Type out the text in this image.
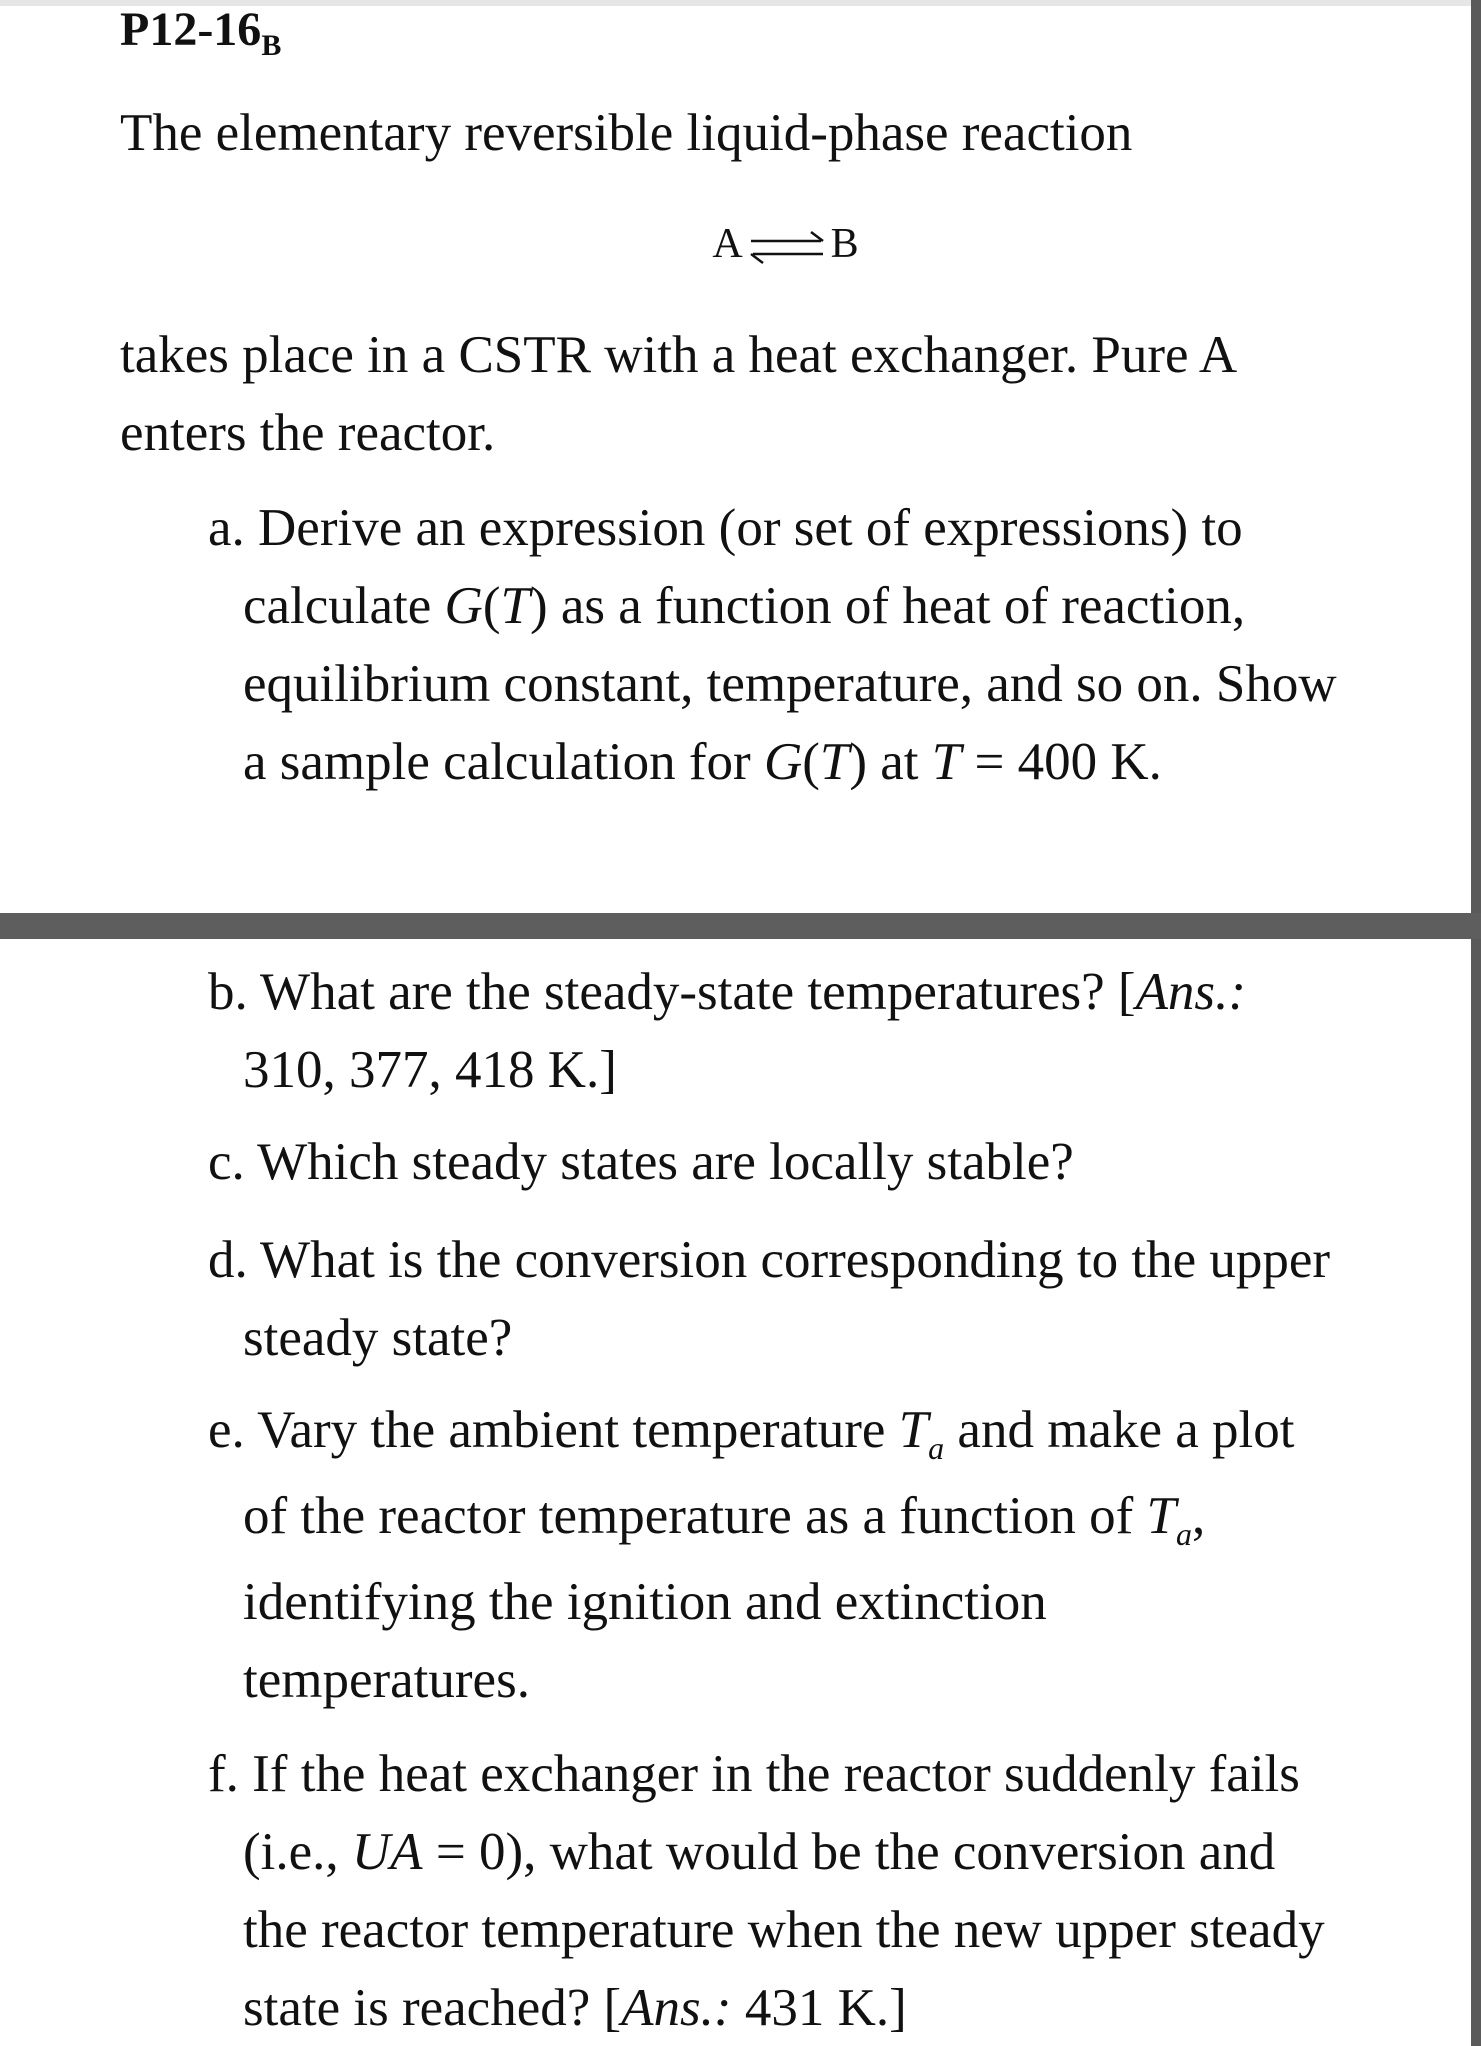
$P12-16_B$
The elementary reversible liquid-phase reaction
A ⇌ B
takes place in a CSTR with a heat exchanger. Pure A
enters the reactor.
a. Derive an expression (or set of expressions) to
calculate G(T) as a function of heat of reaction,
equilibrium constant, temperature, and so on. Show
a sample calculation for G(T) at T = 400 K.
b. What are the steady-state temperatures? [Ans.:
310, 377, 418 K.]
c. Which steady states are locally stable?
d. What is the conversion corresponding to the upper
steady state?
e. Vary the ambient temperature $T_a$ and make a plot
of the reactor temperature as a function of $T_a$,
identifying the ignition and extinction
temperatures.
f. If the heat exchanger in the reactor suddenly fails
(i.e., UA = 0), what would be the conversion and
the reactor temperature when the new upper steady
state is reached? [Ans.: 431 K.]
